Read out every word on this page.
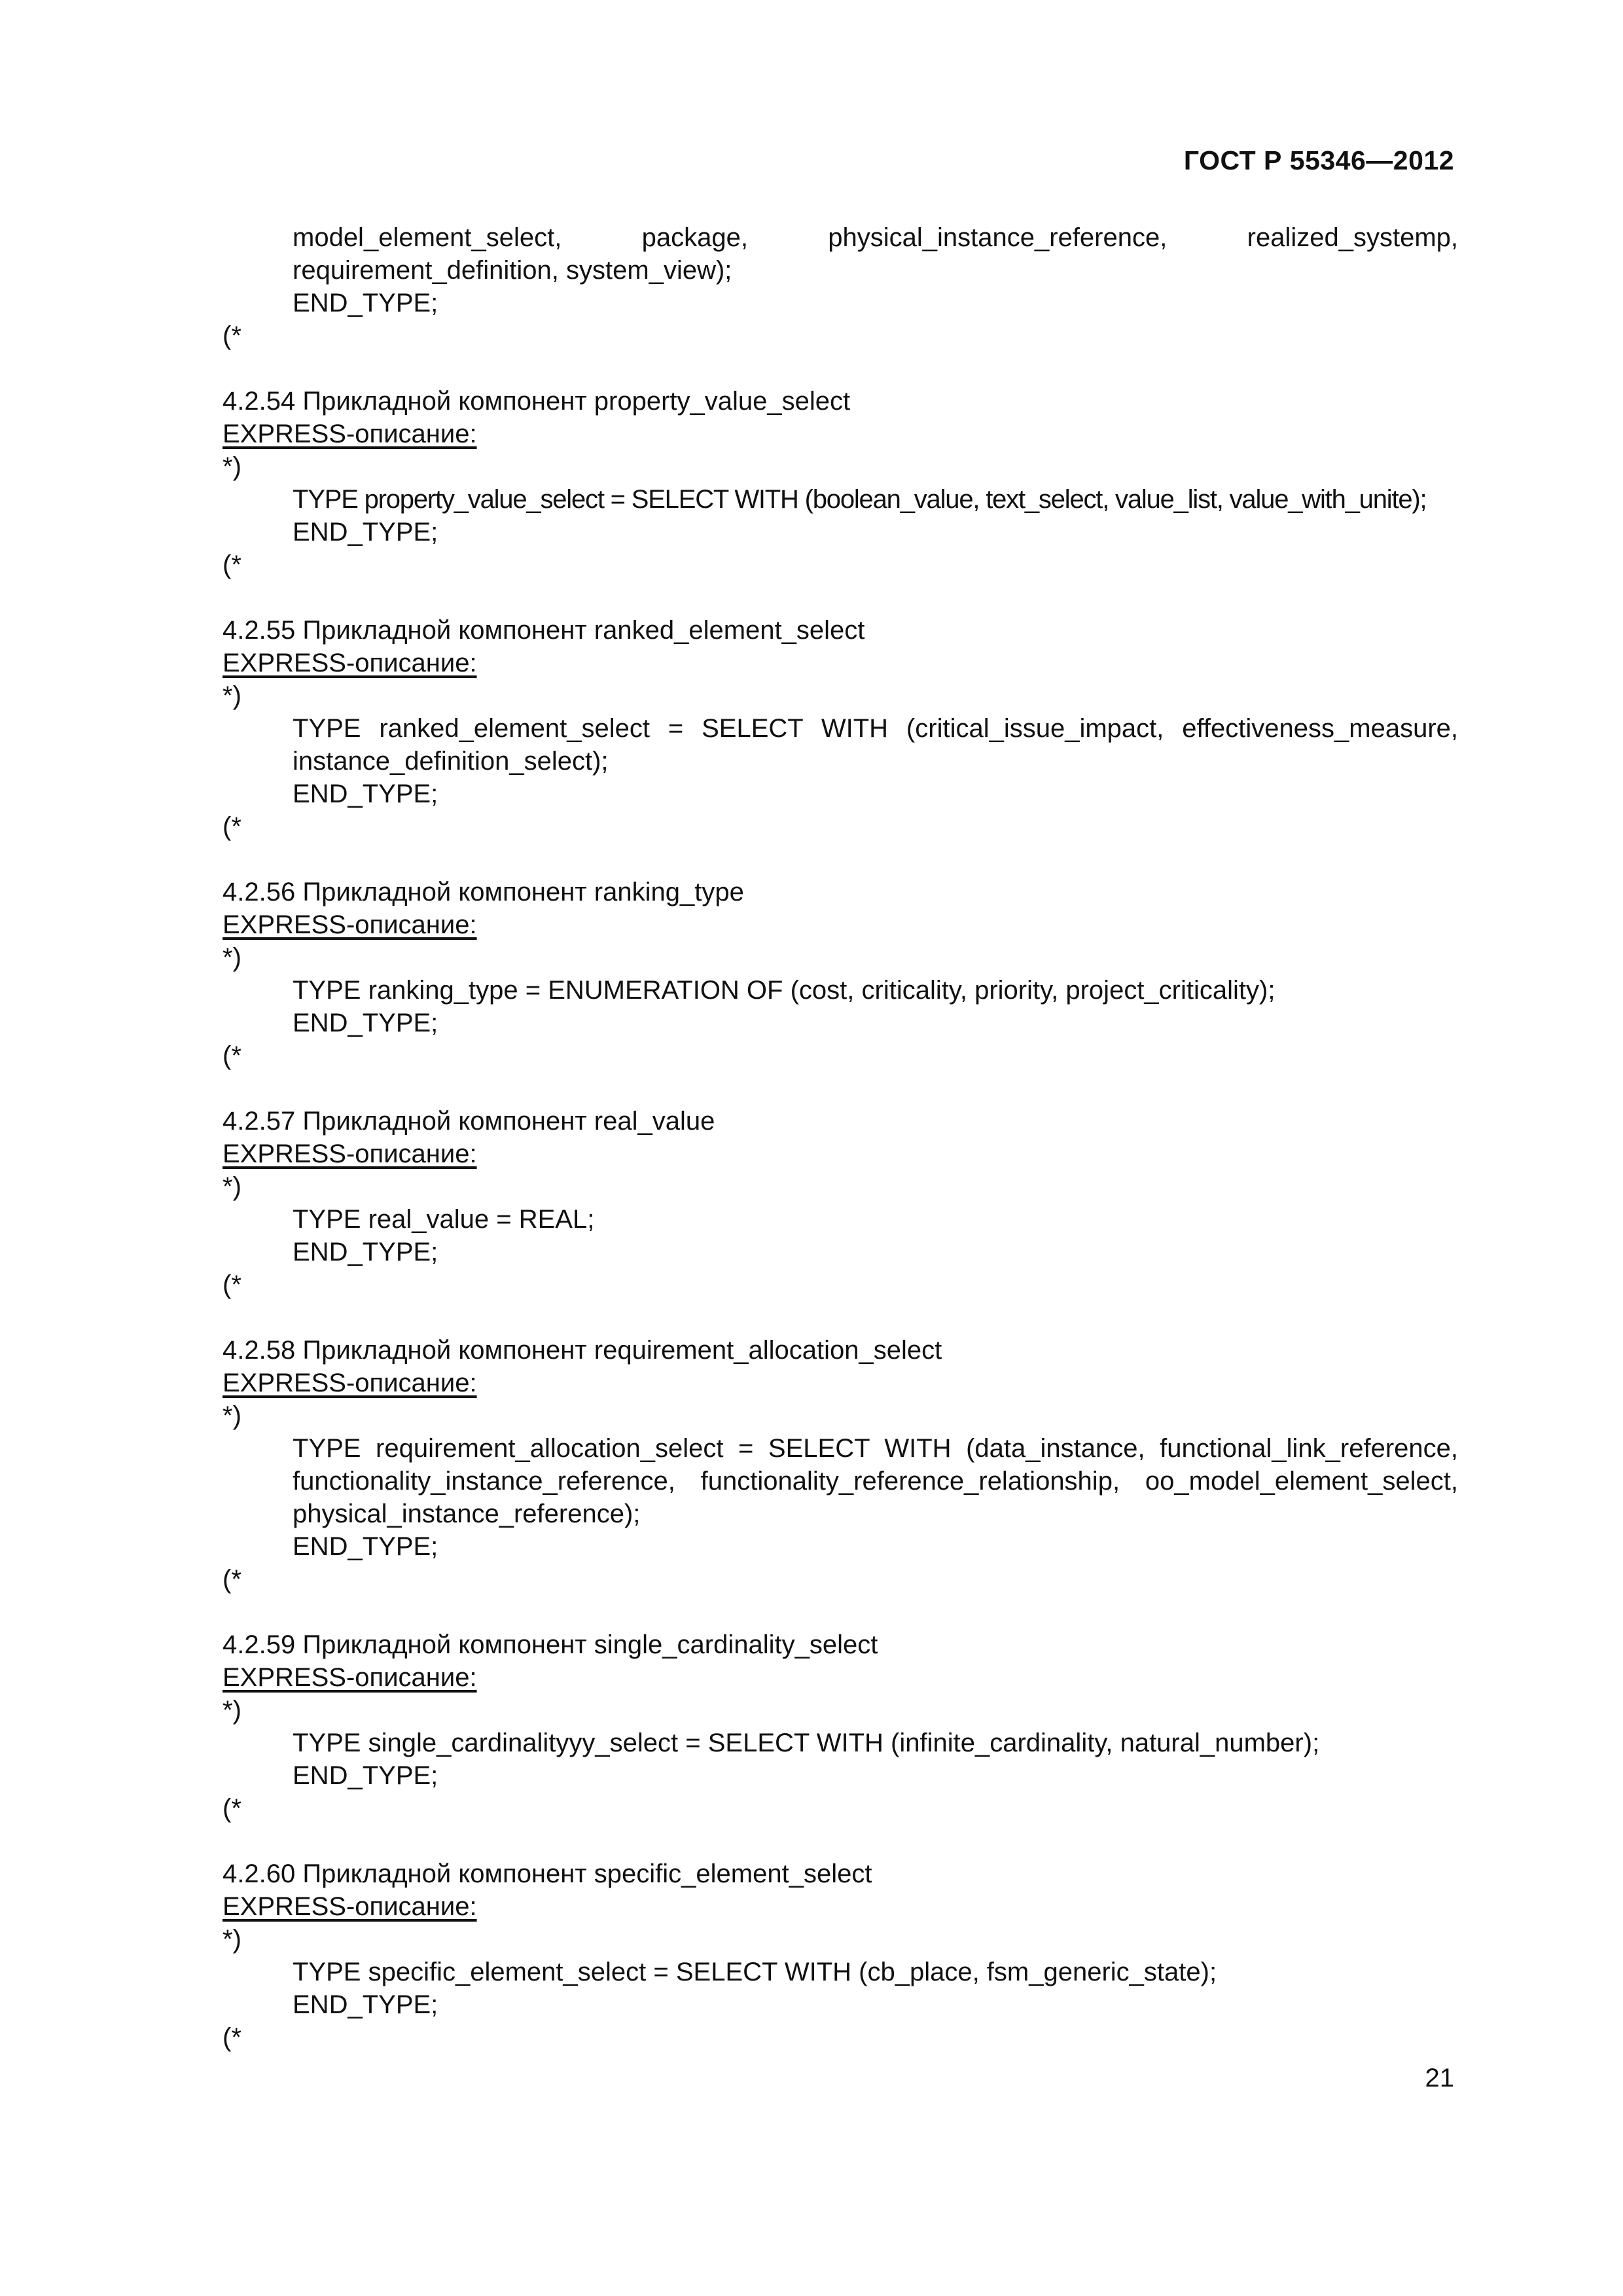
ГОСТ Р 55346—2012
model_element_select, package, physical_instance_reference, realized_systemp, requirement_definition, system_view);
END_TYPE;
(*
4.2.54 Прикладной компонент property_value_select
EXPRESS-описание:
*)
TYPE property_value_select = SELECT WITH (boolean_value, text_select, value_list, value_with_unite);
END_TYPE;
(*
4.2.55 Прикладной компонент ranked_element_select
EXPRESS-описание:
*)
TYPE ranked_element_select = SELECT WITH (critical_issue_impact, effectiveness_measure, instance_definition_select);
END_TYPE;
(*
4.2.56 Прикладной компонент ranking_type
EXPRESS-описание:
*)
TYPE ranking_type = ENUMERATION OF (cost, criticality, priority, project_criticality);
END_TYPE;
(*
4.2.57 Прикладной компонент real_value
EXPRESS-описание:
*)
TYPE real_value = REAL;
END_TYPE;
(*
4.2.58 Прикладной компонент requirement_allocation_select
EXPRESS-описание:
*)
TYPE requirement_allocation_select = SELECT WITH (data_instance, functional_link_reference, functionality_instance_reference, functionality_reference_relationship, oo_model_element_select, physical_instance_reference);
END_TYPE;
(*
4.2.59 Прикладной компонент single_cardinality_select
EXPRESS-описание:
*)
TYPE single_cardinalityyy_select = SELECT WITH (infinite_cardinality, natural_number);
END_TYPE;
(*
4.2.60 Прикладной компонент specific_element_select
EXPRESS-описание:
*)
TYPE specific_element_select = SELECT WITH (cb_place, fsm_generic_state);
END_TYPE;
(*
21
